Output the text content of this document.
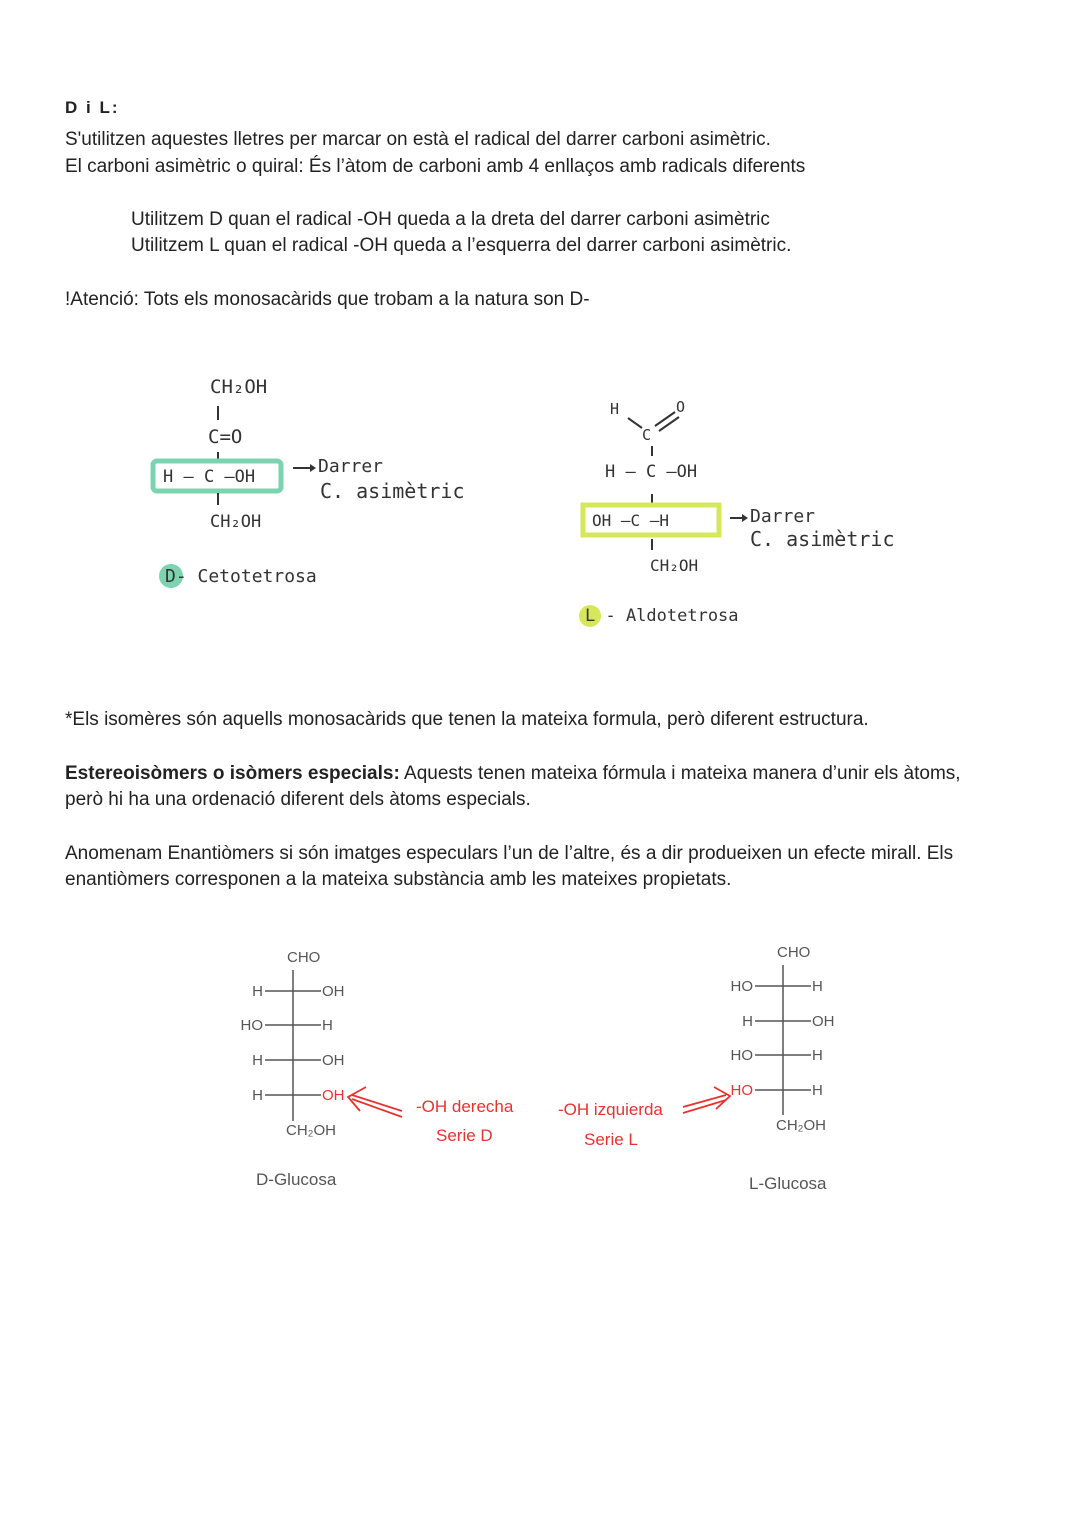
D i L:
S'utilitzen aquestes lletres per marcar on està el radical del darrer carboni asimètric.
El carboni asimètric o quiral: És l’àtom de carboni amb 4 enllaços amb radicals diferents
Utilitzem D quan el radical -OH queda a la dreta del darrer carboni asimètric
Utilitzem L quan el radical -OH queda a l’esquerra del darrer carboni asimètric.
!Atenció: Tots els monosacàrids que trobam a la natura son D-
CH₂OH
C=O
H – C –OH
CH₂OH
Darrer
C. asimètric
D- Cetotetrosa
H
C
O
H – C –OH
OH –C –H
CH₂OH
Darrer
C. asimètric
L - Aldotetrosa
*Els isomères són aquells monosacàrids que tenen la mateixa formula, però diferent estructura.
Estereoisòmers o isòmers especials: Aquests tenen mateixa fórmula i mateixa manera d’unir els àtoms,
però hi ha una ordenació diferent dels àtoms especials.
Anomenam Enantiòmers si són imatges especulars l’un de l’altre, és a dir produeixen un efecte mirall. Els
enantiòmers corresponen a la mateixa substància amb les mateixes propietats.
CHO
H	OH
HO	H
H	OH
H	OH
CH₂OH
D-Glucosa
-OH derecha
Serie D
CHO
HO	H
H	OH
HO	H
HO	H
CH₂OH
L-Glucosa
-OH izquierda
Serie L
